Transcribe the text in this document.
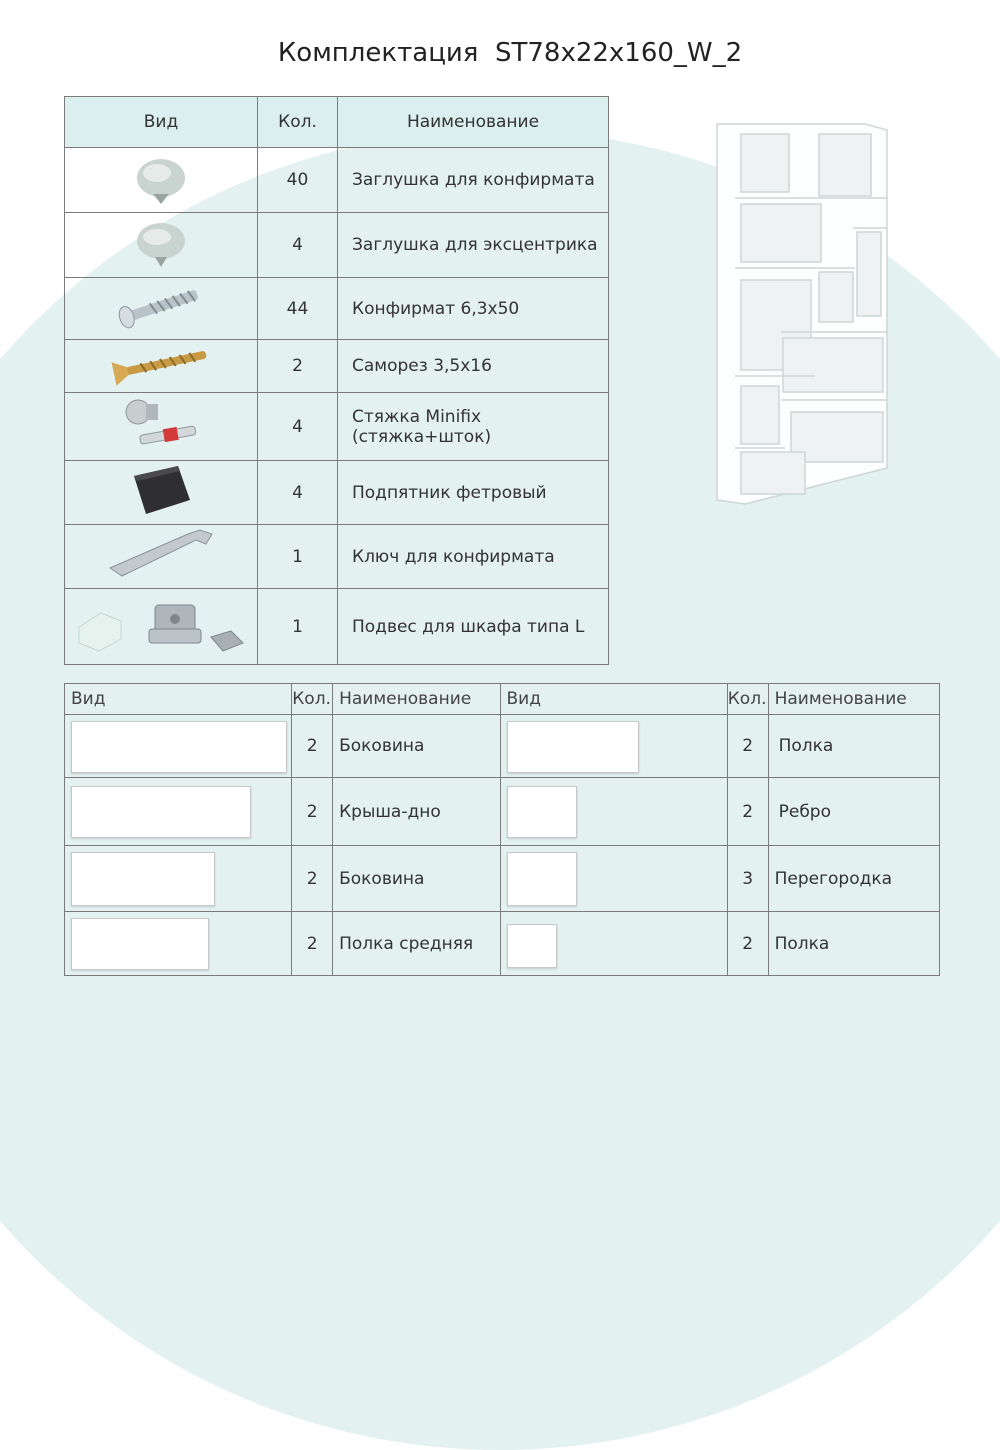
Комплектация  ST78x22x160_W_2
Вид	Кол.	Наименование
	40	Заглушка для конфирмата
	4	Заглушка для эксцентрика
	44	Конфирмат 6,3x50
	2	Саморез 3,5x16
	4	Стяжка Minifix (стяжка+шток)
	4	Подпятник фетровый
	1	Ключ для конфирмата
	1	Подвес для шкафа типа L
Вид	Кол.	Наименование	Вид	Кол.	Наименование

	2	Боковина		2	Полка

	2	Крыша-дно		2	Ребро

	2	Боковина		3	Перегородка

	2	Полка средняя		2	Полка
